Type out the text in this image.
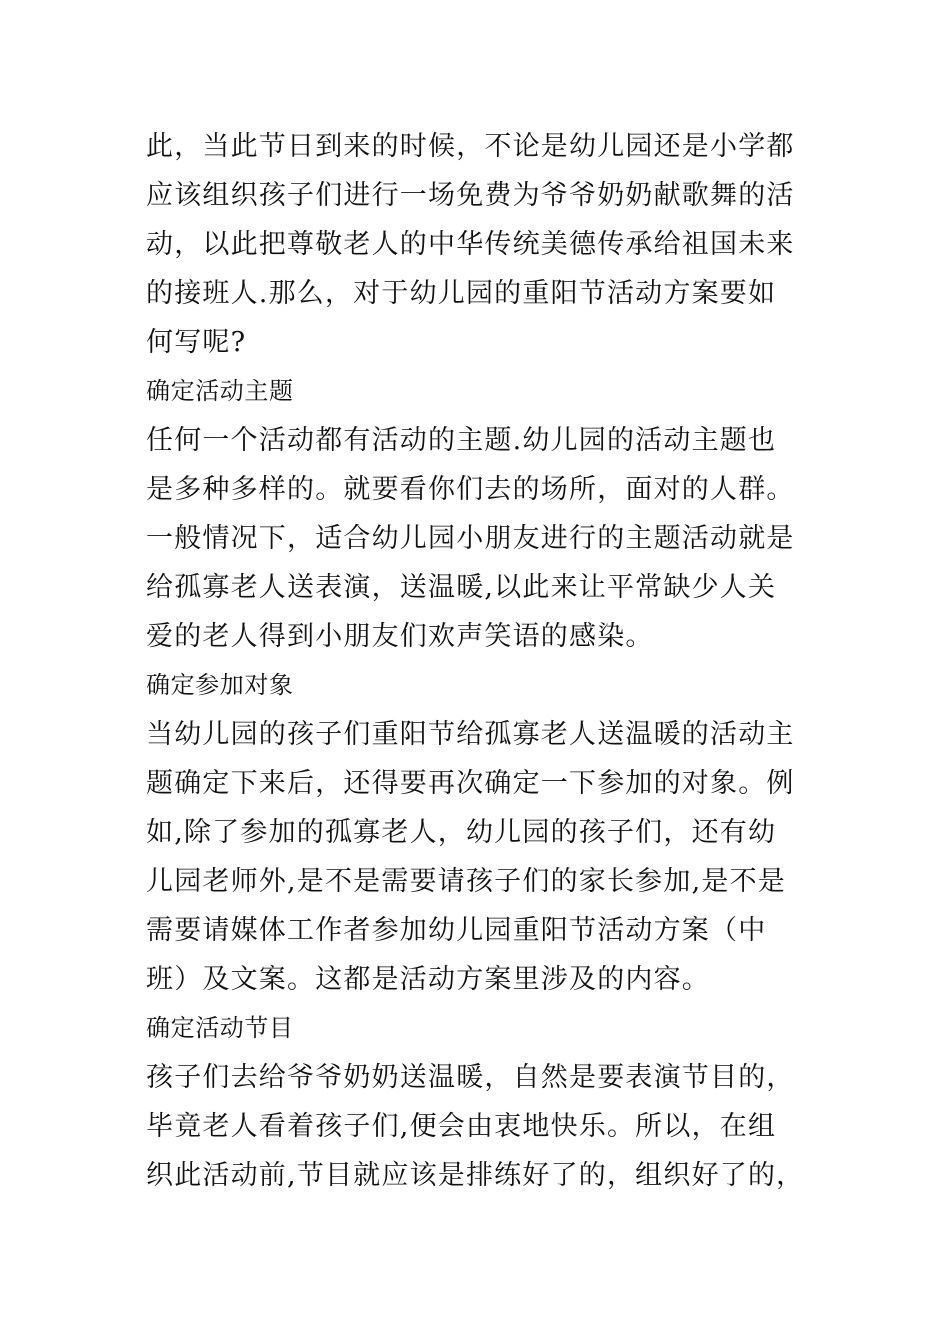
此，当此节日到来的时候，不论是幼儿园还是小学都
应该组织孩子们进行一场免费为爷爷奶奶献歌舞的活
动，以此把尊敬老人的中华传统美德传承给祖国未来
的接班人.那么，对于幼儿园的重阳节活动方案要如
何写呢?
确定活动主题
任何一个活动都有活动的主题.幼儿园的活动主题也
是多种多样的。就要看你们去的场所，面对的人群。
一般情况下，适合幼儿园小朋友进行的主题活动就是
给孤寡老人送表演，送温暖,以此来让平常缺少人关
爱的老人得到小朋友们欢声笑语的感染。
确定参加对象
当幼儿园的孩子们重阳节给孤寡老人送温暖的活动主
题确定下来后，还得要再次确定一下参加的对象。例
如,除了参加的孤寡老人，幼儿园的孩子们，还有幼
儿园老师外,是不是需要请孩子们的家长参加,是不是
需要请媒体工作者参加幼儿园重阳节活动方案（中
班）及文案。这都是活动方案里涉及的内容。
确定活动节目
孩子们去给爷爷奶奶送温暖，自然是要表演节目的，
毕竟老人看着孩子们,便会由衷地快乐。所以，在组
织此活动前,节目就应该是排练好了的，组织好了的，
